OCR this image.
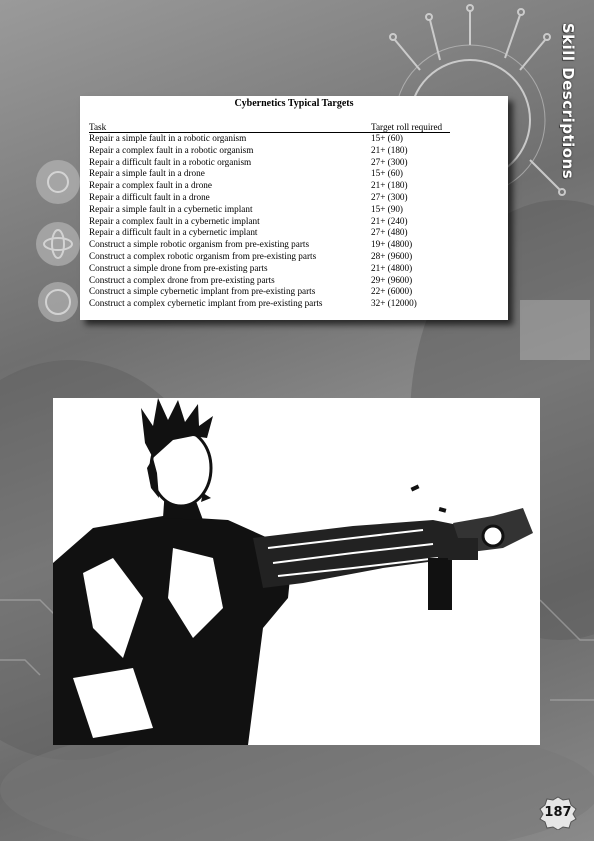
Skill Descriptions
Cybernetics Typical Targets
Task	Target roll required
Repair a simple fault in a robotic organism	15+ (60)
Repair a complex fault in a robotic organism	21+ (180)
Repair a difficult fault in a robotic organism	27+ (300)
Repair a simple fault in a drone	15+ (60)
Repair a complex fault in a drone	21+ (180)
Repair a difficult fault in a drone	27+ (300)
Repair a simple fault in a cybernetic implant	15+ (90)
Repair a complex fault in a cybernetic implant	21+ (240)
Repair a difficult fault in a cybernetic implant	27+ (480)
Construct a simple robotic organism from pre-existing parts	19+ (4800)
Construct a complex robotic organism from pre-existing parts	28+ (9600)
Construct a simple drone from pre-existing parts	21+ (4800)
Construct a complex drone from pre-existing parts	29+ (9600)
Construct a simple cybernetic implant from pre-existing parts	22+ (6000)
Construct a complex cybernetic implant from pre-existing parts	32+ (12000)
187
